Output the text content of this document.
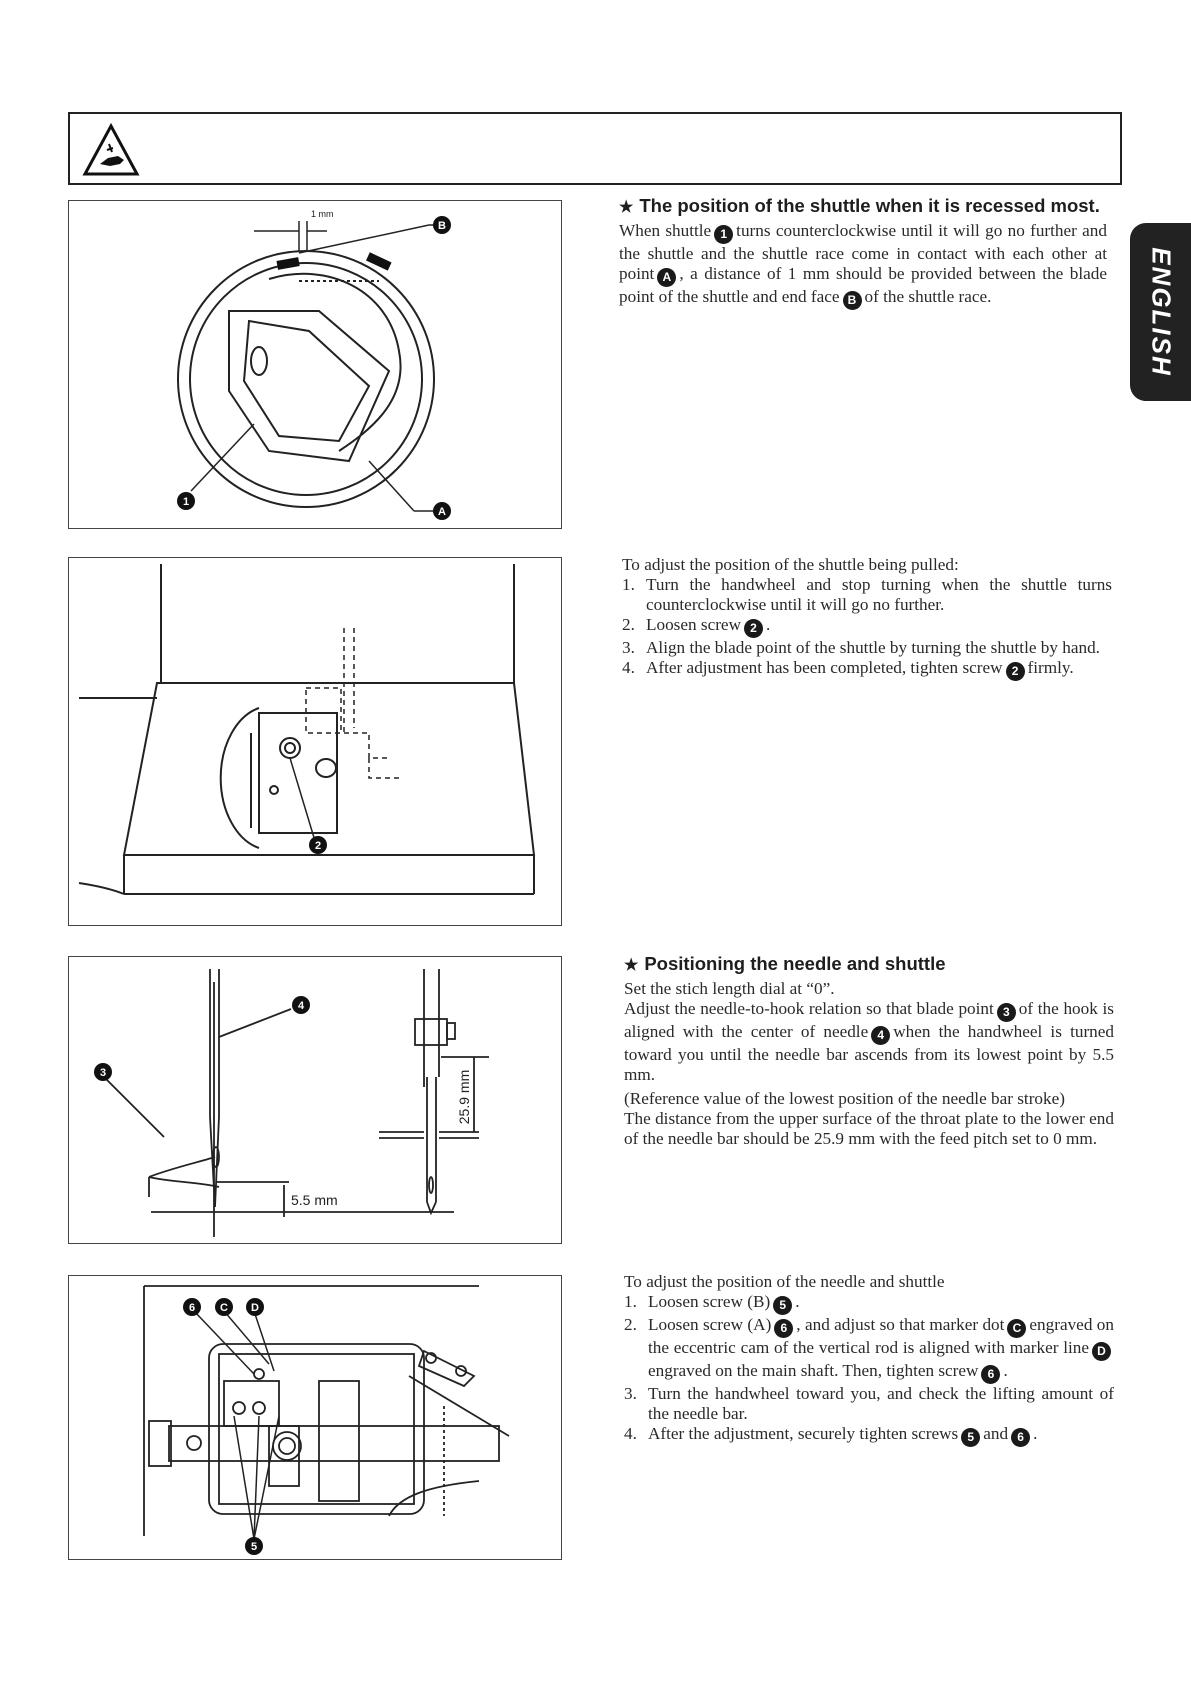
ENGLISH
1 mm
B
A
1
2
25.9 mm
5.5 mm
4
3
6 C D
5
★ The position of the shuttle when it is recessed most.

When shuttle 1 turns counterclockwise until it will go no further and the shuttle and the shuttle race come in contact with each other at point A , a distance of 1 mm should be provided between the blade point of the shuttle and end face B of the shuttle race.

To adjust the position of the shuttle being pulled:

1. Turn the handwheel and stop turning when the shuttle turns counterclockwise until it will go no further.
2. Loosen screw 2 .
3. Align the blade point of the shuttle by turning the shuttle by hand.
4. After adjustment has been completed, tighten screw 2 firmly.
★ Positioning the needle and shuttle

Set the stich length dial at “0”.

Adjust the needle-to-hook relation so that blade point 3 of the hook is aligned with the center of needle 4 when the handwheel is turned toward you until the needle bar ascends from its lowest point by 5.5 mm.

(Reference value of the lowest position of the needle bar stroke)

The distance from the upper surface of the throat plate to the lower end of the needle bar should be 25.9 mm with the feed pitch set to 0 mm.

To adjust the position of the needle and shuttle

1. Loosen screw (B) 5 .
2. Loosen screw (A) 6 , and adjust so that marker dot C engraved on the eccentric cam of the vertical rod is aligned with marker line Dengraved on the main shaft. Then, tighten screw 6 .
3. Turn the handwheel toward you, and check the lifting amount of the needle bar.
4. After the adjustment, securely tighten screws 5 and 6 .
